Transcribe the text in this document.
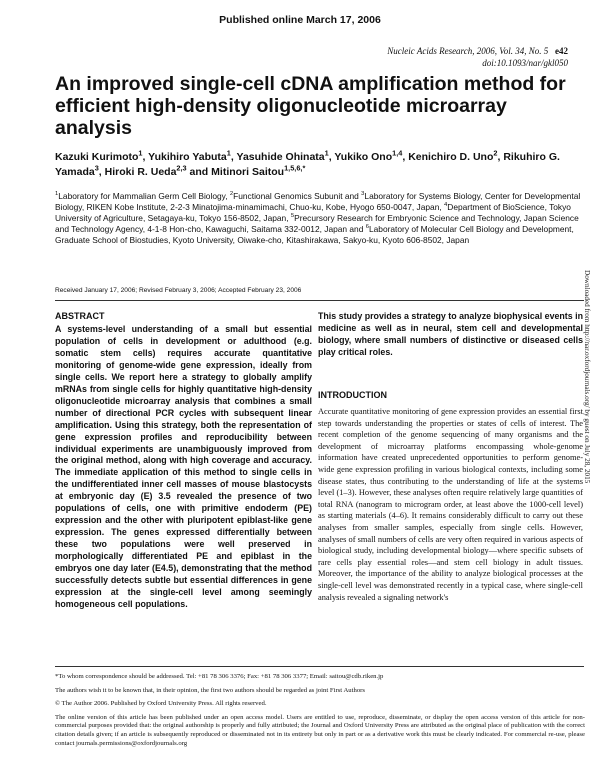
Published online March 17, 2006
Nucleic Acids Research, 2006, Vol. 34, No. 5 e42
doi:10.1093/nar/gkl050
An improved single-cell cDNA amplification method for efficient high-density oligonucleotide microarray analysis
Kazuki Kurimoto$^1$, Yukihiro Yabuta$^1$, Yasuhide Ohinata$^1$, Yukiko Ono$^{1,4}$, Kenichiro D. Uno$^2$, Rikuhiro G. Yamada$^3$, Hiroki R. Ueda$^{2,3}$ and Mitinori Saitou$^{1,5,6,*}$
$^1$Laboratory for Mammalian Germ Cell Biology, $^2$Functional Genomics Subunit and $^3$Laboratory for Systems Biology, Center for Developmental Biology, RIKEN Kobe Institute, 2-2-3 Minatojima-minamimachi, Chuo-ku, Kobe, Hyogo 650-0047, Japan, $^4$Department of BioScience, Tokyo University of Agriculture, Setagaya-ku, Tokyo 156-8502, Japan, $^5$Precursory Research for Embryonic Science and Technology, Japan Science and Technology Agency, 4-1-8 Hon-cho, Kawaguchi, Saitama 332-0012, Japan and $^6$Laboratory of Molecular Cell Biology and Development, Graduate School of Biostudies, Kyoto University, Oiwake-cho, Kitashirakawa, Sakyo-ku, Kyoto 606-8502, Japan
Received January 17, 2006; Revised February 3, 2006; Accepted February 23, 2006
ABSTRACT
A systems-level understanding of a small but essential population of cells in development or adulthood (e.g. somatic stem cells) requires accurate quantitative monitoring of genome-wide gene expression, ideally from single cells. We report here a strategy to globally amplify mRNAs from single cells for highly quantitative high-density oligonucleotide microarray analysis that combines a small number of directional PCR cycles with subsequent linear amplification. Using this strategy, both the representation of gene expression profiles and reproducibility between individual experiments are unambiguously improved from the original method, along with high coverage and accuracy. The immediate application of this method to single cells in the undifferentiated inner cell masses of mouse blastocysts at embryonic day (E) 3.5 revealed the presence of two populations of cells, one with primitive endoderm (PE) expression and the other with pluripotent epiblast-like gene expression. The genes expressed differentially between these two populations were well preserved in morphologically differentiated PE and epiblast in the embryos one day later (E4.5), demonstrating that the method successfully detects subtle but essential differences in gene expression at the single-cell level among seemingly homogeneous cell populations.
This study provides a strategy to analyze biophysical events in medicine as well as in neural, stem cell and developmental biology, where small numbers of distinctive or diseased cells play critical roles.
INTRODUCTION
Accurate quantitative monitoring of gene expression provides an essential first step towards understanding the properties or states of cells of interest. The recent completion of the genome sequencing of many organisms and the development of microarray platforms encompassing whole-genome information have created unprecedented opportunities to perform genome-wide gene expression profiling in various biological contexts, including some disease states, thus contributing to the understanding of life at the systems level (1–3). However, these analyses often require relatively large quantities of total RNA (nanogram to microgram order, at least above the 1000-cell level) as starting materials (4–6). It remains considerably difficult to carry out these analyses from smaller samples, especially from single cells. However, analyses of small numbers of cells are very often required in various aspects of biological study, including developmental biology—where specific subsets of rare cells play essential roles—and stem cell biology in adult tissues. Moreover, the importance of the ability to analyze biological processes at the single-cell level was demonstrated recently in a typical case, where single-cell analysis revealed a signaling network's
Downloaded from http://nar.oxfordjournals.org/ by guest on July 28, 2015
*To whom correspondence should be addressed. Tel: +81 78 306 3376; Fax: +81 78 306 3377; Email: saitou@cdb.riken.jp
The authors wish it to be known that, in their opinion, the first two authors should be regarded as joint First Authors
© The Author 2006. Published by Oxford University Press. All rights reserved.
The online version of this article has been published under an open access model. Users are entitled to use, reproduce, disseminate, or display the open access version of this article for non-commercial purposes provided that: the original authorship is properly and fully attributed; the Journal and Oxford University Press are attributed as the original place of publication with the correct citation details given; if an article is subsequently reproduced or disseminated not in its entirety but only in part or as a derivative work this must be clearly indicated. For commercial re-use, please contact journals.permissions@oxfordjournals.org
